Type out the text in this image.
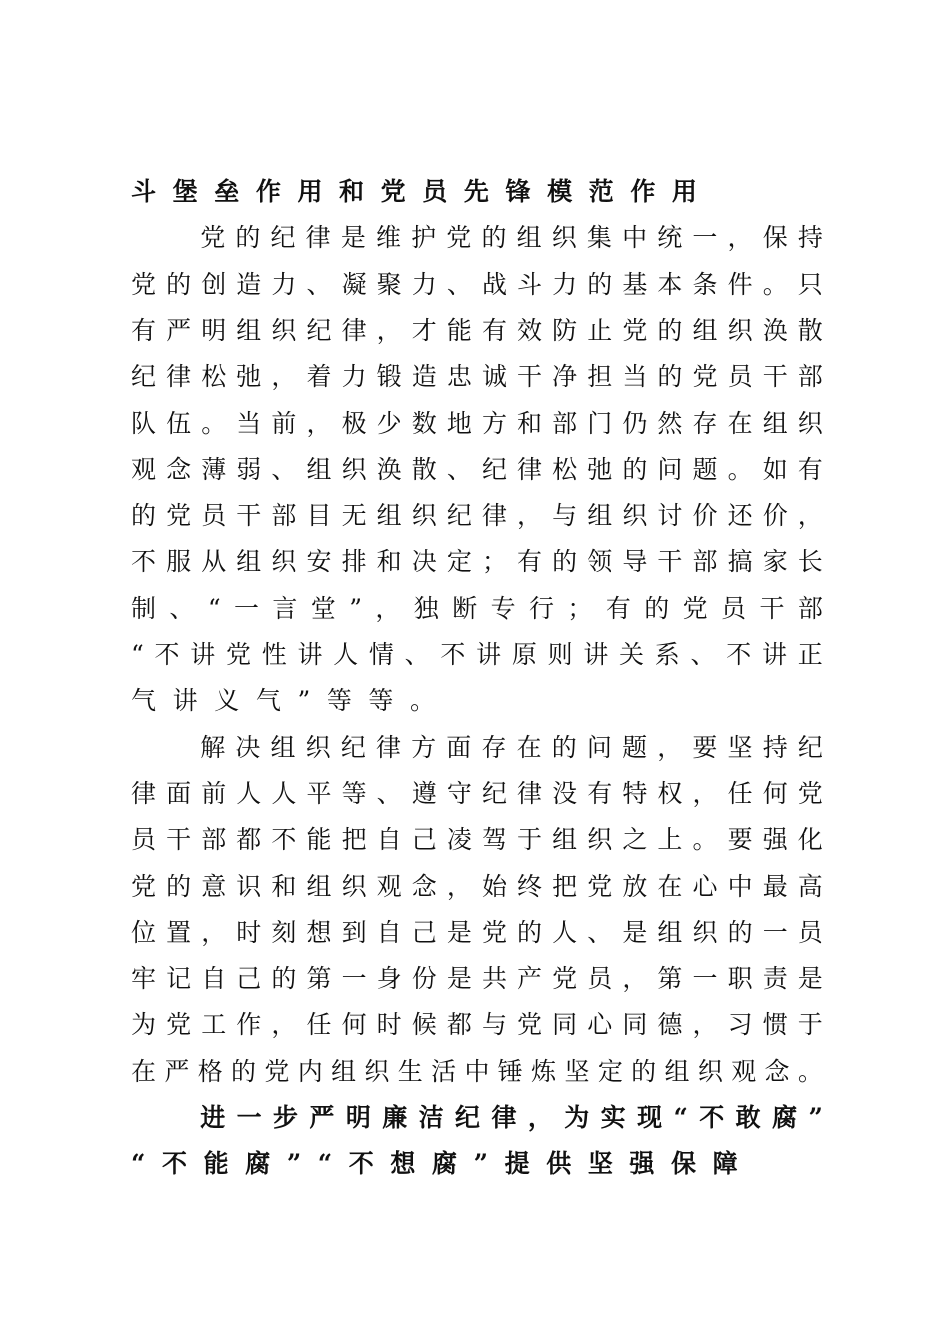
斗 堡 垒 作 用 和 党 员 先 锋 模 范 作 用
党 的 纪 律 是 维 护 党 的 组 织 集 中 统 一 ， 保 持
党 的 创 造 力 、 凝 聚 力 、 战 斗 力 的 基 本 条 件 。 只
有 严 明 组 织 纪 律 ， 才 能 有 效 防 止 党 的 组 织 涣 散
纪 律 松 弛 ， 着 力 锻 造 忠 诚 干 净 担 当 的 党 员 干 部
队 伍 。 当 前 ， 极 少 数 地 方 和 部 门 仍 然 存 在 组 织
观 念 薄 弱 、 组 织 涣 散 、 纪 律 松 弛 的 问 题 。 如 有
的 党 员 干 部 目 无 组 织 纪 律 ， 与 组 织 讨 价 还 价 ，
不 服 从 组 织 安 排 和 决 定 ； 有 的 领 导 干 部 搞 家 长
制 、 “ 一 言 堂 ” ， 独 断 专 行 ； 有 的 党 员 干 部
“ 不 讲 党 性 讲 人 情 、 不 讲 原 则 讲 关 系 、 不 讲 正
气 讲 义 气 ” 等 等 。
解 决 组 织 纪 律 方 面 存 在 的 问 题 ， 要 坚 持 纪
律 面 前 人 人 平 等 、 遵 守 纪 律 没 有 特 权 ， 任 何 党
员 干 部 都 不 能 把 自 己 凌 驾 于 组 织 之 上 。 要 强 化
党 的 意 识 和 组 织 观 念 ， 始 终 把 党 放 在 心 中 最 高
位 置 ， 时 刻 想 到 自 己 是 党 的 人 、 是 组 织 的 一 员
牢 记 自 己 的 第 一 身 份 是 共 产 党 员 ， 第 一 职 责 是
为 党 工 作 ， 任 何 时 候 都 与 党 同 心 同 德 ， 习 惯 于
在 严 格 的 党 内 组 织 生 活 中 锤 炼 坚 定 的 组 织 观 念 。
进 一 步 严 明 廉 洁 纪 律 ， 为 实 现 “ 不 敢 腐 ”
“ 不 能 腐 ” “ 不 想 腐 ” 提 供 坚 强 保 障
